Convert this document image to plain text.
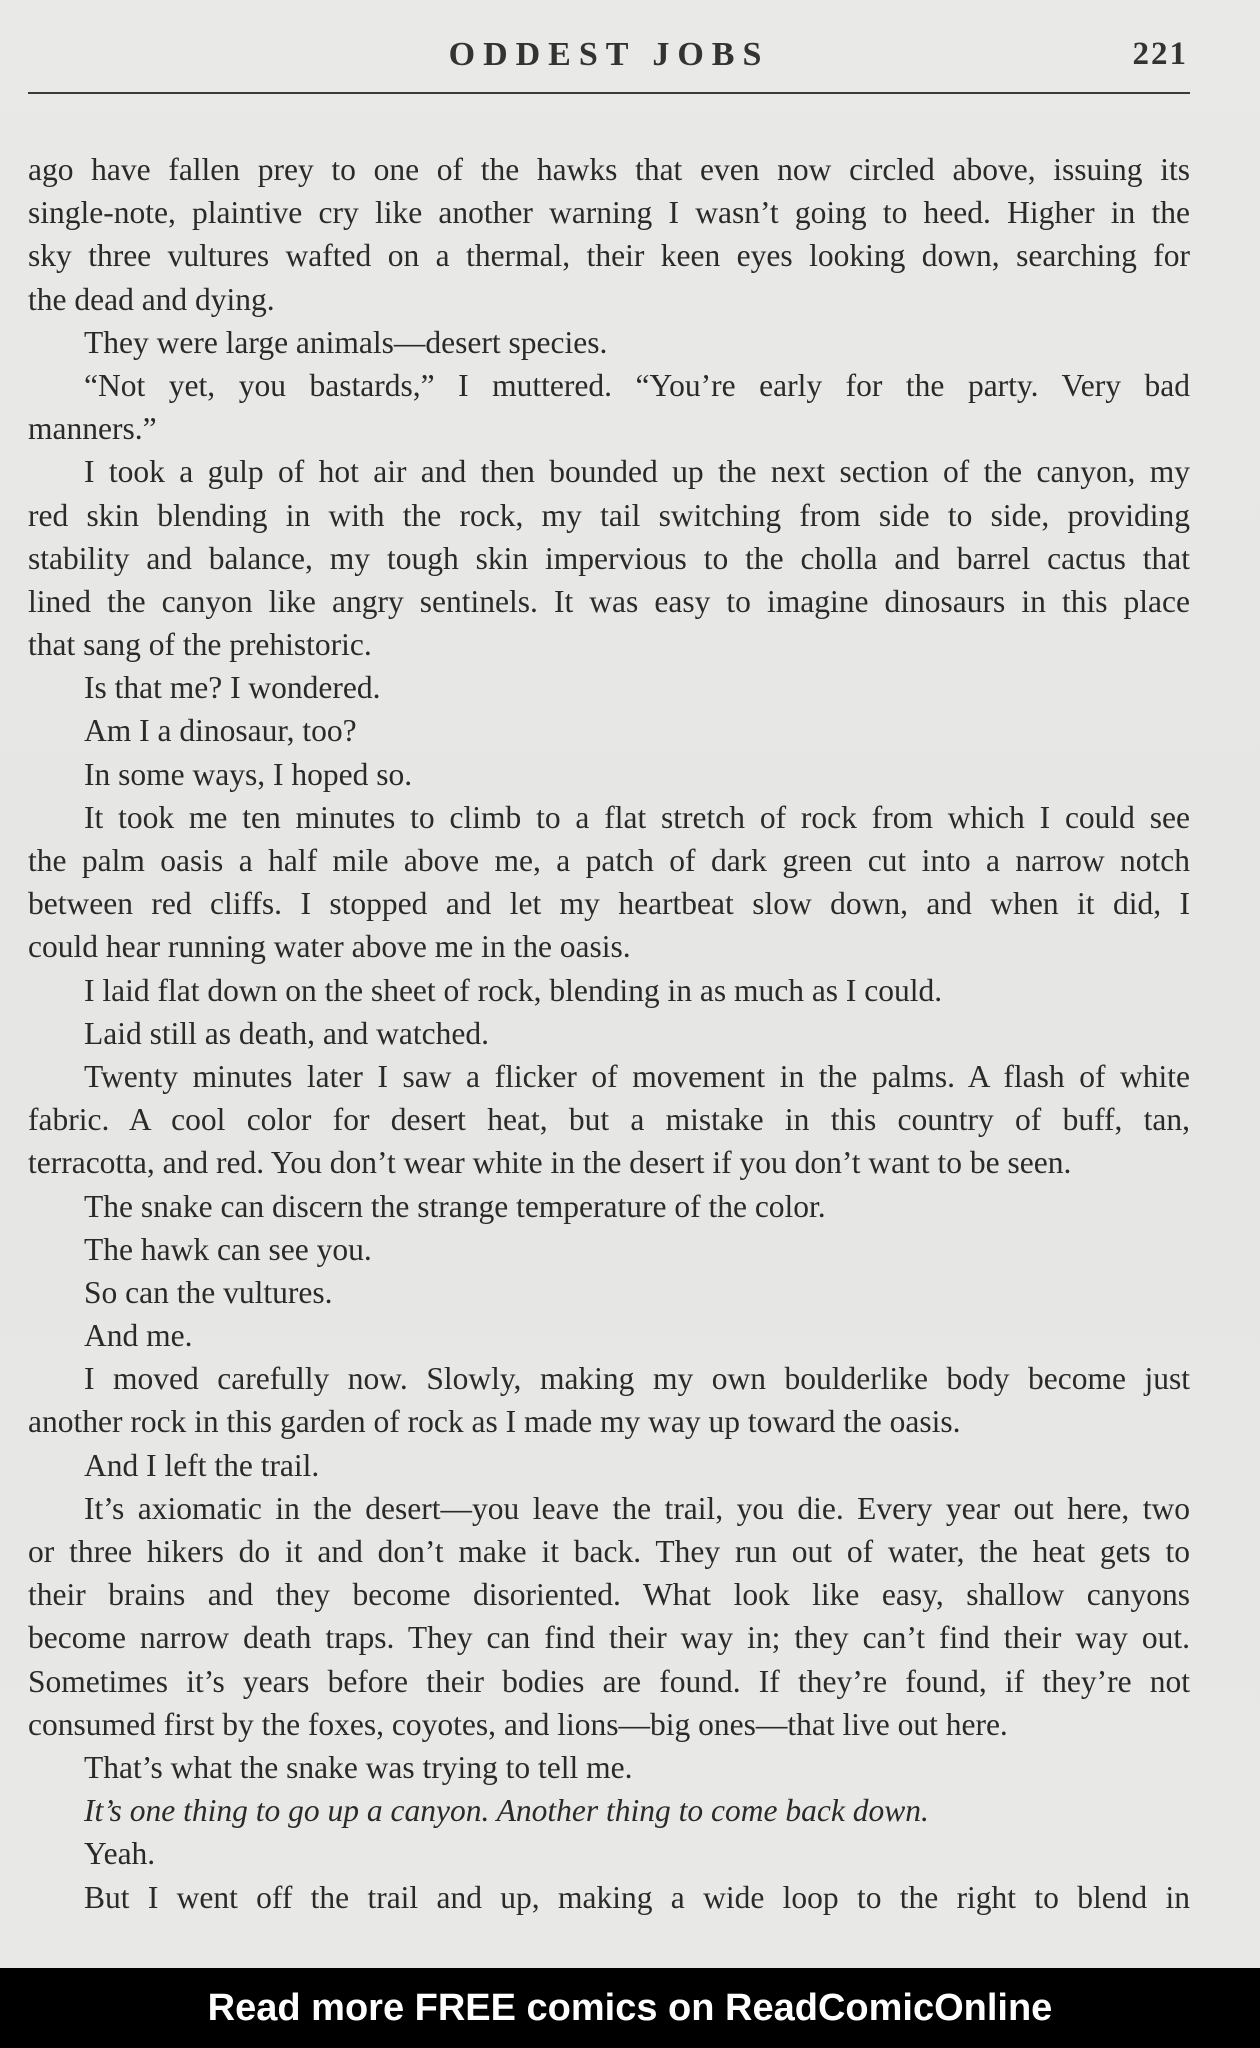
ODDEST JOBS	221
ago have fallen prey to one of the hawks that even now circled above, issuing its
single-note, plaintive cry like another warning I wasn’t going to heed. Higher in the
sky three vultures wafted on a thermal, their keen eyes looking down, searching for
the dead and dying.
They were large animals—desert species.
“Not yet, you bastards,” I muttered. “You’re early for the party. Very bad
manners.”
I took a gulp of hot air and then bounded up the next section of the canyon, my
red skin blending in with the rock, my tail switching from side to side, providing
stability and balance, my tough skin impervious to the cholla and barrel cactus that
lined the canyon like angry sentinels. It was easy to imagine dinosaurs in this place
that sang of the prehistoric.
Is that me? I wondered.
Am I a dinosaur, too?
In some ways, I hoped so.
It took me ten minutes to climb to a flat stretch of rock from which I could see
the palm oasis a half mile above me, a patch of dark green cut into a narrow notch
between red cliffs. I stopped and let my heartbeat slow down, and when it did, I
could hear running water above me in the oasis.
I laid flat down on the sheet of rock, blending in as much as I could.
Laid still as death, and watched.
Twenty minutes later I saw a flicker of movement in the palms. A flash of white
fabric. A cool color for desert heat, but a mistake in this country of buff, tan,
terracotta, and red. You don’t wear white in the desert if you don’t want to be seen.
The snake can discern the strange temperature of the color.
The hawk can see you.
So can the vultures.
And me.
I moved carefully now. Slowly, making my own boulderlike body become just
another rock in this garden of rock as I made my way up toward the oasis.
And I left the trail.
It’s axiomatic in the desert—you leave the trail, you die. Every year out here, two
or three hikers do it and don’t make it back. They run out of water, the heat gets to
their brains and they become disoriented. What look like easy, shallow canyons
become narrow death traps. They can find their way in; they can’t find their way out.
Sometimes it’s years before their bodies are found. If they’re found, if they’re not
consumed first by the foxes, coyotes, and lions—big ones—that live out here.
That’s what the snake was trying to tell me.
It’s one thing to go up a canyon. Another thing to come back down.
Yeah.
But I went off the trail and up, making a wide loop to the right to blend in
Read more FREE comics on ReadComicOnline
